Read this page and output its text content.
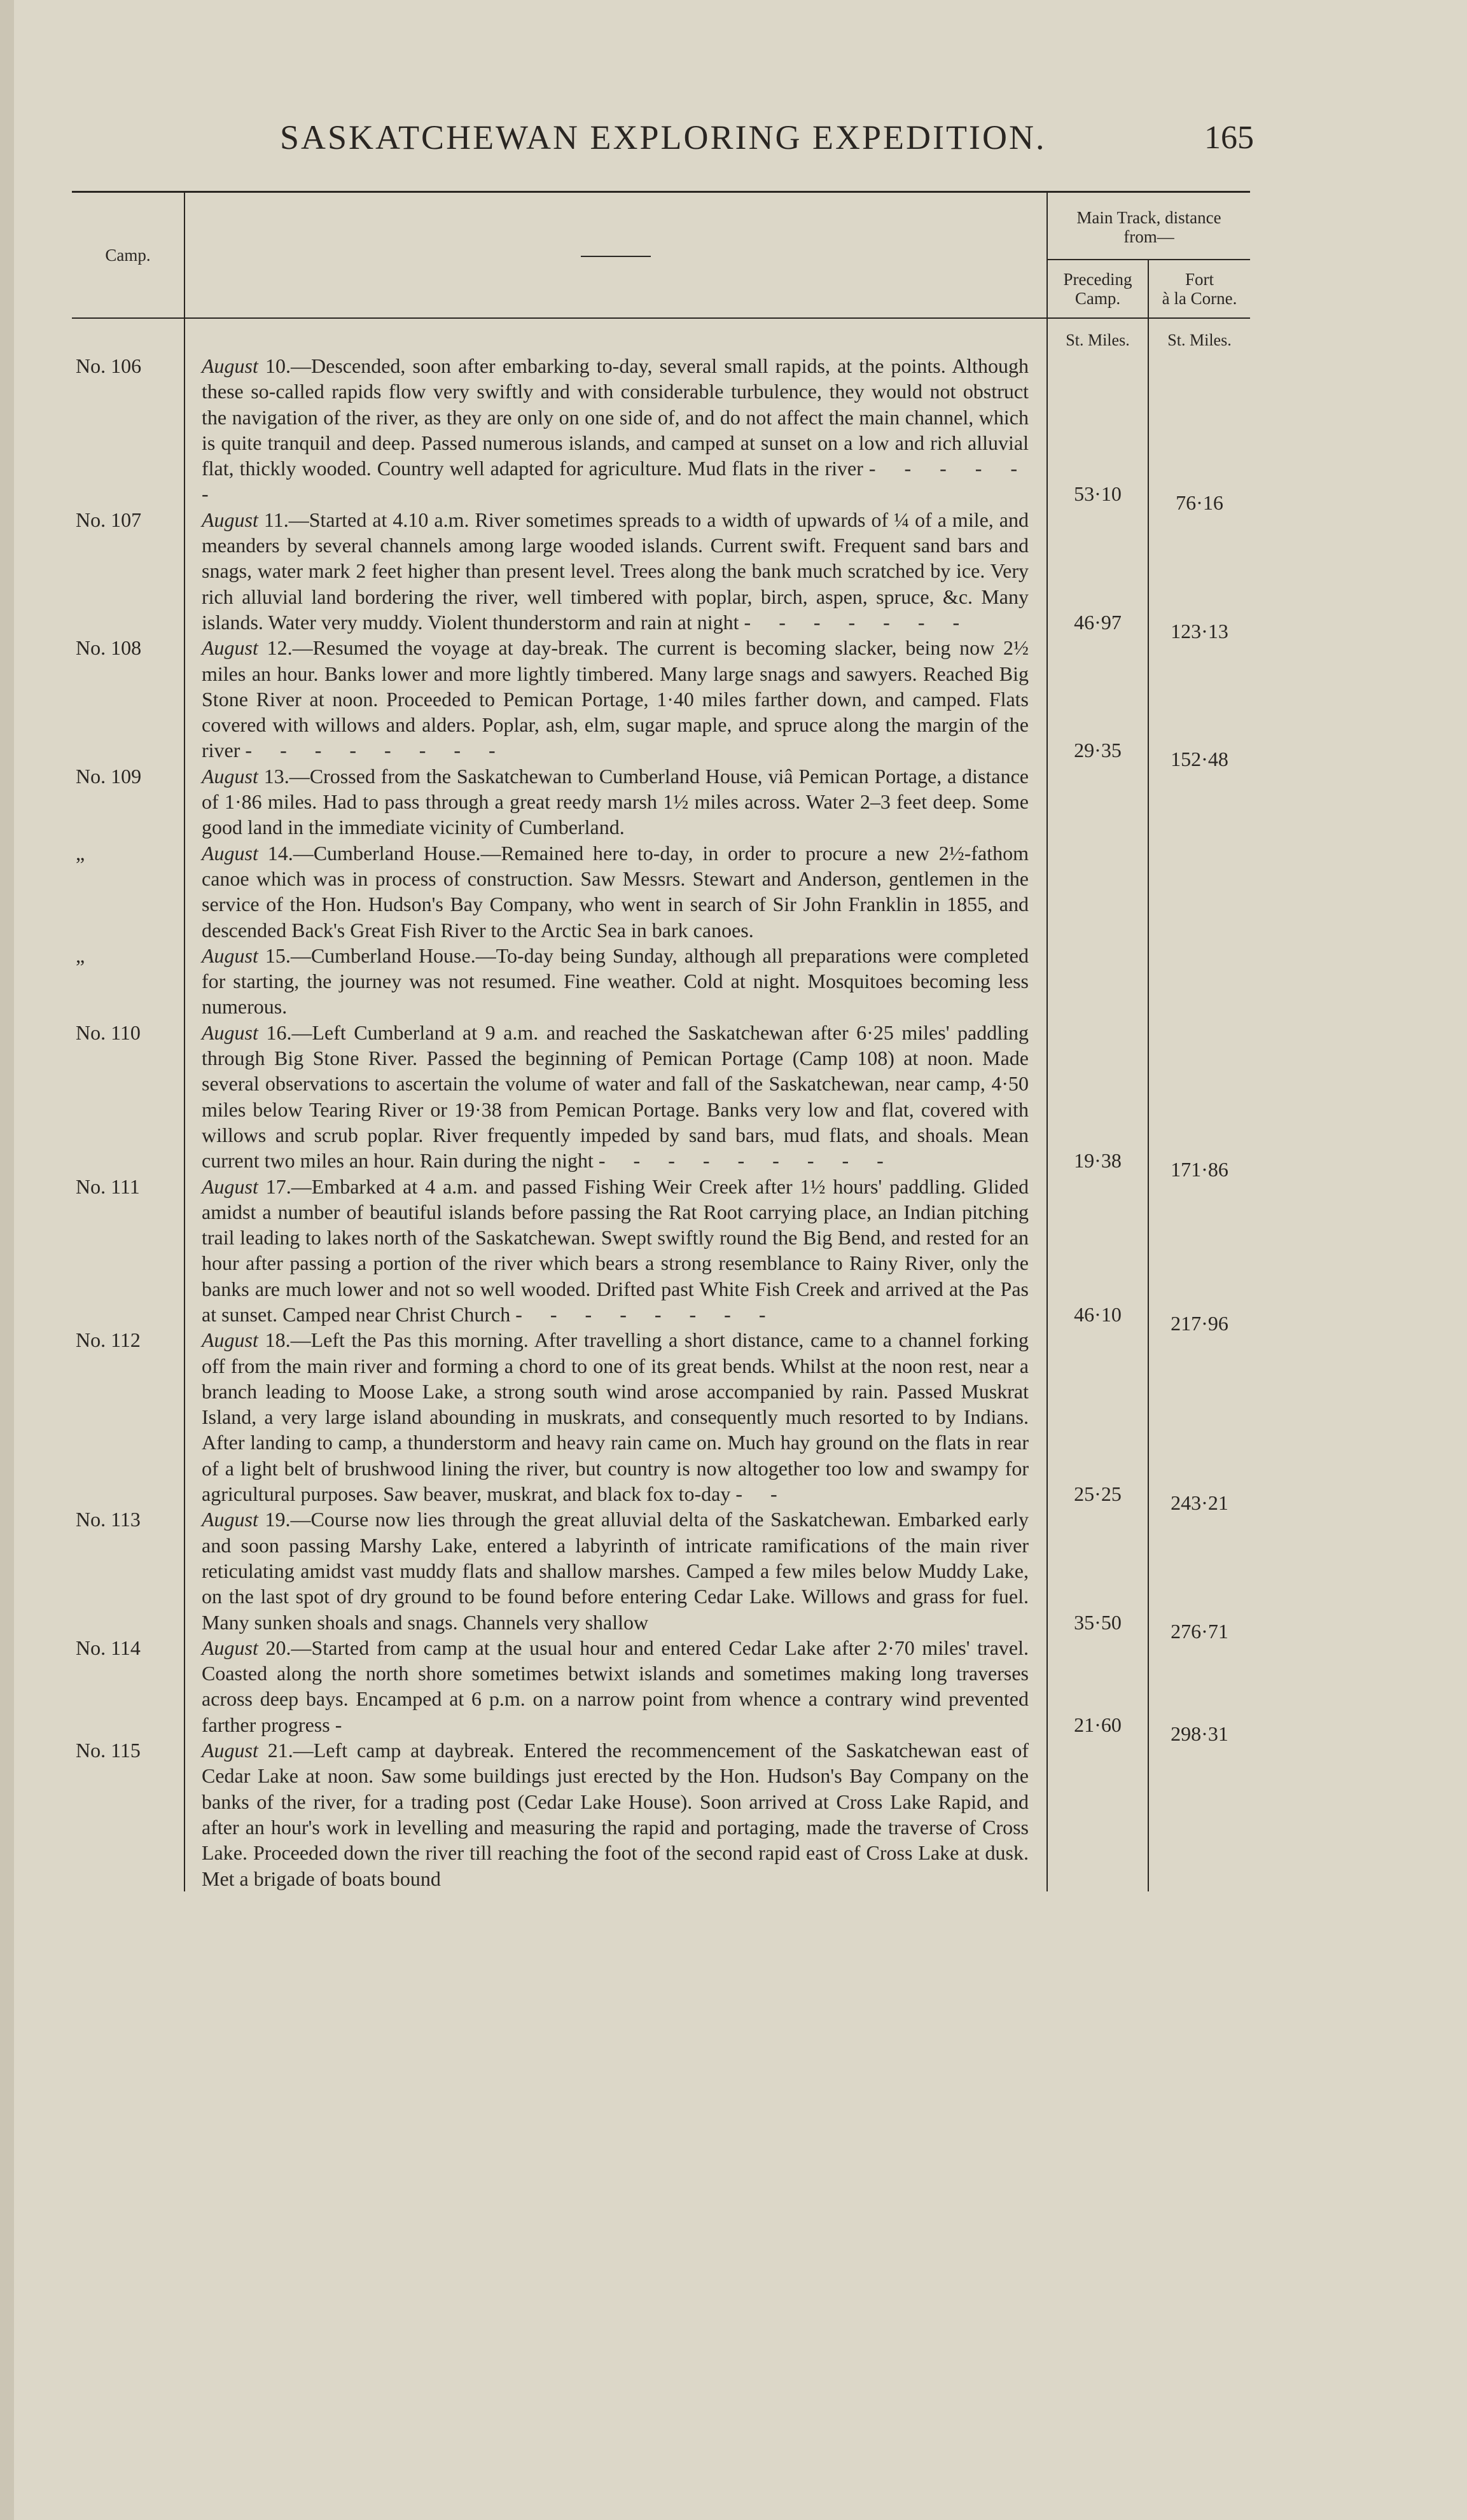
SASKATCHEWAN EXPLORING EXPEDITION.	165
Camp.		Main Track, distance
from—	
		Preceding
Camp.	Fort
à la Corne.

		St. Miles.	St. Miles.

No. 106	August 10.—Descended, soon after embarking to-day, several small rapids, at the points. Although these so-called rapids flow very swiftly and with considerable turbulence, they would not obstruct the navigation of the river, as they are only on one side of, and do not affect the main channel, which is quite tranquil and deep. Passed numerous islands, and camped at sunset on a low and rich alluvial flat, thickly wooded. Country well adapted for agriculture. Mud flats in the river - - - - - -	53·10	76·16

No. 107	August 11.—Started at 4.10 a.m. River sometimes spreads to a width of upwards of ¼ of a mile, and meanders by several channels among large wooded islands. Current swift. Frequent sand bars and snags, water mark 2 feet higher than present level. Trees along the bank much scratched by ice. Very rich alluvial land bordering the river, well timbered with poplar, birch, aspen, spruce, &c. Many islands. Water very muddy. Violent thunderstorm and rain at night - - - - - - -	46·97	123·13

No. 108	August 12.—Resumed the voyage at day-break. The current is becoming slacker, being now 2½ miles an hour. Banks lower and more lightly timbered. Many large snags and sawyers. Reached Big Stone River at noon. Proceeded to Pemican Portage, 1·40 miles farther down, and camped. Flats covered with willows and alders. Poplar, ash, elm, sugar maple, and spruce along the margin of the river - - - - - - - -	29·35	152·48

No. 109	August 13.—Crossed from the Saskatchewan to Cumberland House, viâ Pemican Portage, a distance of 1·86 miles. Had to pass through a great reedy marsh 1½ miles across. Water 2–3 feet deep. Some good land in the immediate vicinity of Cumberland.	

„	August 14.—Cumberland House.—Remained here to-day, in order to procure a new 2½-fathom canoe which was in process of construction. Saw Messrs. Stewart and Anderson, gentlemen in the service of the Hon. Hudson's Bay Company, who went in search of Sir John Franklin in 1855, and descended Back's Great Fish River to the Arctic Sea in bark canoes.	

„	August 15.—Cumberland House.—To-day being Sunday, although all preparations were completed for starting, the journey was not resumed. Fine weather. Cold at night. Mosquitoes becoming less numerous.	

No. 110	August 16.—Left Cumberland at 9 a.m. and reached the Saskatchewan after 6·25 miles' paddling through Big Stone River. Passed the beginning of Pemican Portage (Camp 108) at noon. Made several observations to ascertain the volume of water and fall of the Saskatchewan, near camp, 4·50 miles below Tearing River or 19·38 from Pemican Portage. Banks very low and flat, covered with willows and scrub poplar. River frequently impeded by sand bars, mud flats, and shoals. Mean current two miles an hour. Rain during the night - - - - - - - - -	19·38	171·86

No. 111	August 17.—Embarked at 4 a.m. and passed Fishing Weir Creek after 1½ hours' paddling. Glided amidst a number of beautiful islands before passing the Rat Root carrying place, an Indian pitching trail leading to lakes north of the Saskatchewan. Swept swiftly round the Big Bend, and rested for an hour after passing a portion of the river which bears a strong resemblance to Rainy River, only the banks are much lower and not so well wooded. Drifted past White Fish Creek and arrived at the Pas at sunset. Camped near Christ Church - - - - - - - -	46·10	217·96

No. 112	August 18.—Left the Pas this morning. After travelling a short distance, came to a channel forking off from the main river and forming a chord to one of its great bends. Whilst at the noon rest, near a branch leading to Moose Lake, a strong south wind arose accompanied by rain. Passed Muskrat Island, a very large island abounding in muskrats, and consequently much resorted to by Indians. After landing to camp, a thunderstorm and heavy rain came on. Much hay ground on the flats in rear of a light belt of brushwood lining the river, but country is now altogether too low and swampy for agricultural purposes. Saw beaver, muskrat, and black fox to-day - -	25·25	243·21

No. 113	August 19.—Course now lies through the great alluvial delta of the Saskatchewan. Embarked early and soon passing Marshy Lake, entered a labyrinth of intricate ramifications of the main river reticulating amidst vast muddy flats and shallow marshes. Camped a few miles below Muddy Lake, on the last spot of dry ground to be found before entering Cedar Lake. Willows and grass for fuel. Many sunken shoals and snags. Channels very shallow	35·50	276·71

No. 114	August 20.—Started from camp at the usual hour and entered Cedar Lake after 2·70 miles' travel. Coasted along the north shore sometimes betwixt islands and sometimes making long traverses across deep bays. Encamped at 6 p.m. on a narrow point from whence a contrary wind prevented farther progress -	21·60	298·31

No. 115	August 21.—Left camp at daybreak. Entered the recommencement of the Saskatchewan east of Cedar Lake at noon. Saw some buildings just erected by the Hon. Hudson's Bay Company on the banks of the river, for a trading post (Cedar Lake House). Soon arrived at Cross Lake Rapid, and after an hour's work in levelling and measuring the rapid and portaging, made the traverse of Cross Lake. Proceeded down the river till reaching the foot of the second rapid east of Cross Lake at dusk. Met a brigade of boats bound	
